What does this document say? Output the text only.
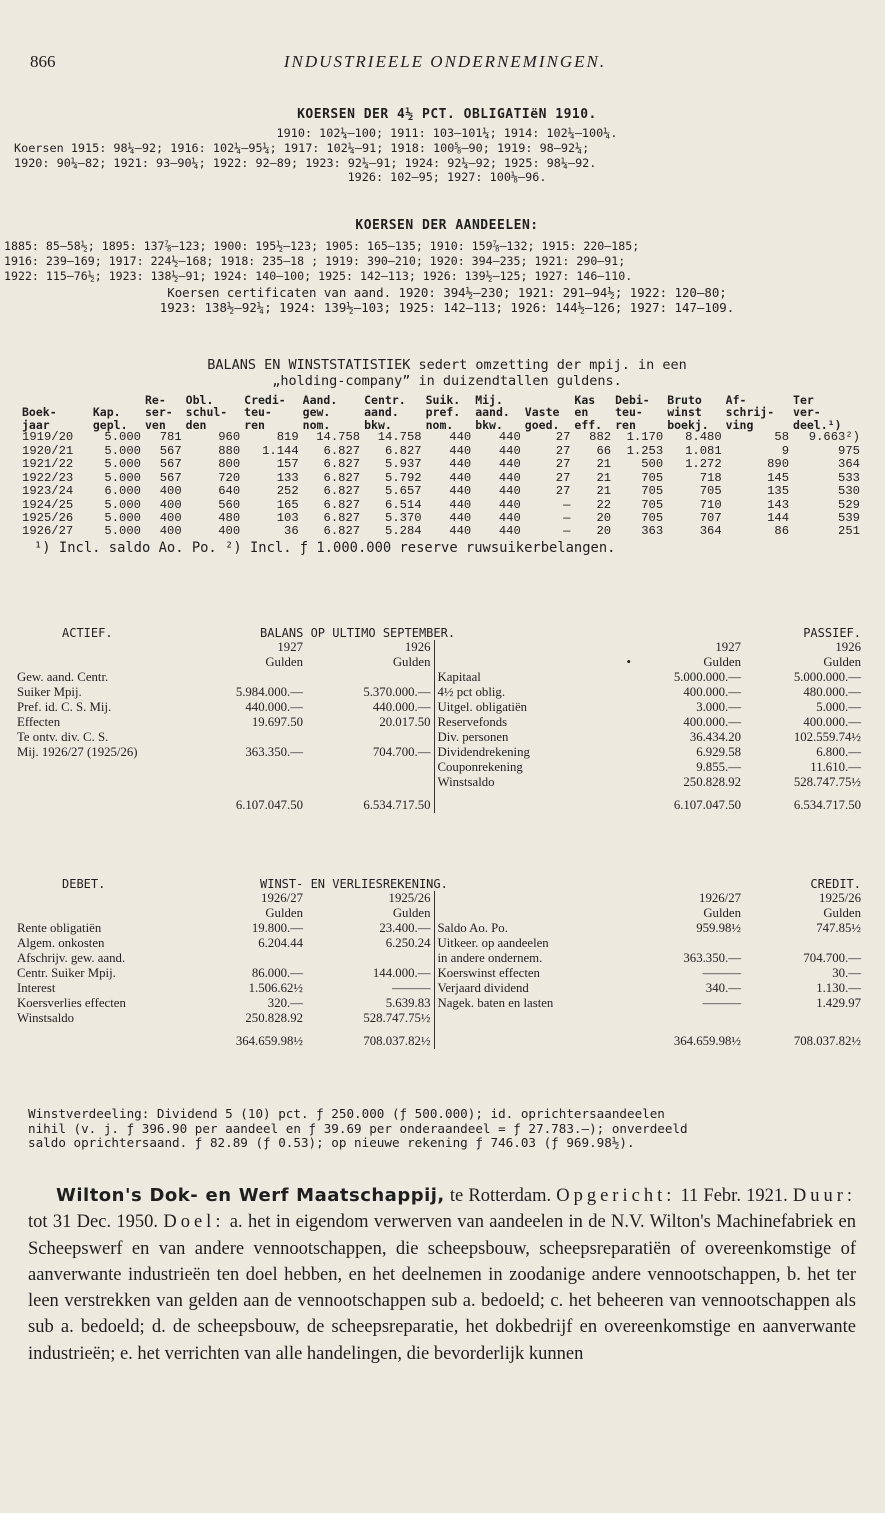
866	INDUSTRIEELE ONDERNEMINGEN.
KOERSEN DER 4½ PCT. OBLIGATIëN 1910.
1910: 102¼—100; 1911: 103—101¼; 1914: 102¼—100¼.
Koersen 1915: 98¼—92; 1916: 102¼—95¼; 1917: 102¼—91; 1918: 100⅝—90; 1919: 98—92¼;
1920: 90¼—82; 1921: 93—90¼; 1922: 92—89; 1923: 92¼—91; 1924: 92¼—92; 1925: 98¼—92.
1926: 102—95; 1927: 100⅛—96.
KOERSEN DER AANDEELEN:
1885: 85—58½; 1895: 137⅞—123; 1900: 195½—123; 1905: 165—135; 1910: 159⅞—132; 1915: 220—185;
1916: 239—169; 1917: 224½—168; 1918: 235—18 ; 1919: 390—210; 1920: 394—235; 1921: 290—91;
1922: 115—76½; 1923: 138½—91; 1924: 140—100; 1925: 142—113; 1926: 139½—125; 1927: 146—110.
Koersen certificaten van aand. 1920: 394½—230; 1921: 291—94½; 1922: 120—80;
1923: 138½—92¼; 1924: 139½—103; 1925: 142—113; 1926: 144½—126; 1927: 147—109.
BALANS EN WINSTSTATISTIEK sedert omzetting der mpij. in een
„holding-company” in duizendtallen guldens.
		Re-	Obl.	Credi-	Aand.	Centr.	Suik.	Mij.		Kas	Debi-	Bruto	Af-	Ter
Boek-	Kap.	ser-	schul-	teu-	gew.	aand.	pref.	aand.	Vaste	en	teu-	winst	schrij-	ver-
jaar	gepl.	ven	den	ren	nom.	bkw.	nom.	bkw.	goed.	eff.	ren	boekj.	ving	deel.¹)
1919/20	5.000	781	960	819	14.758	14.758	440	440	27	882	1.170	8.480	58	9.663²)
1920/21	5.000	567	880	1.144	6.827	6.827	440	440	27	66	1.253	1.081	9	975
1921/22	5.000	567	800	157	6.827	5.937	440	440	27	21	500	1.272	890	364
1922/23	5.000	567	720	133	6.827	5.792	440	440	27	21	705	718	145	533
1923/24	6.000	400	640	252	6.827	5.657	440	440	27	21	705	705	135	530
1924/25	5.000	400	560	165	6.827	6.514	440	440	—	22	705	710	143	529
1925/26	5.000	400	480	103	6.827	5.370	440	440	—	20	705	707	144	539
1926/27	5.000	400	400	36	6.827	5.284	440	440	—	20	363	364	86	251
¹) Incl. saldo Ao. Po. ²) Incl. ƒ 1.000.000 reserve ruwsuikerbelangen.
ACTIEF.	BALANS OP ULTIMO SEPTEMBER.				PASSIEF.
	1927	1926		1927	1926
	Gulden	Gulden	•	Gulden	Gulden
Gew. aand. Centr.			Kapitaal	5.000.000.—	5.000.000.—
Suiker Mpij.	5.984.000.—	5.370.000.—	4½ pct oblig.	400.000.—	480.000.—
Pref. id. C. S. Mij.	440.000.—	440.000.—	Uitgel. obligatiën	3.000.—	5.000.—
Effecten	19.697.50	20.017.50	Reservefonds	400.000.—	400.000.—
Te ontv. div. C. S.			Div. personen	36.434.20	102.559.74½
Mij. 1926/27 (1925/26)	363.350.—	704.700.—	Dividendrekening	6.929.58	6.800.—
			Couponrekening	9.855.—	11.610.—
			Winstsaldo	250.828.92	528.747.75½
	6.107.047.50	6.534.717.50		6.107.047.50	6.534.717.50
DEBET.	WINST- EN VERLIESREKENING.				CREDIT.
	1926/27	1925/26		1926/27	1925/26
	Gulden	Gulden		Gulden	Gulden
Rente obligatiën	19.800.—	23.400.—	Saldo Ao. Po.	959.98½	747.85½
Algem. onkosten	6.204.44	6.250.24	Uitkeer. op aandeelen		
Afschrijv. gew. aand.			in andere ondernem.	363.350.—	704.700.—
Centr. Suiker Mpij.	86.000.—	144.000.—	Koerswinst effecten	———	30.—
Interest	1.506.62½	———	Verjaard dividend	340.—	1.130.—
Koersverlies effecten	320.—	5.639.83	Nagek. baten en lasten	———	1.429.97
Winstsaldo	250.828.92	528.747.75½			
	364.659.98½	708.037.82½		364.659.98½	708.037.82½
Winstverdeeling: Dividend 5 (10) pct. ƒ 250.000 (ƒ 500.000); id. oprichtersaandeelen
nihil (v. j. ƒ 396.90 per aandeel en ƒ 39.69 per onderaandeel = ƒ 27.783.—); onverdeeld
saldo oprichtersaand. ƒ 82.89 (ƒ 0.53); op nieuwe rekening ƒ 746.03 (ƒ 969.98½).
Wilton's Dok- en Werf Maatschappij, te Rotterdam. Opgericht: 11 Febr. 1921. Duur: tot 31 Dec. 1950. Doel: a. het in eigendom verwerven van aandeelen in de N.V. Wilton's Machinefabriek en Scheepswerf en van andere vennootschappen, die scheepsbouw, scheepsreparatiën of overeenkomstige of aanverwante industrieën ten doel hebben, en het deelnemen in zoodanige andere vennootschappen, b. het ter leen verstrekken van gelden aan de vennootschappen sub a. bedoeld; c. het beheeren van vennootschappen als sub a. bedoeld; d. de scheepsbouw, de scheepsreparatie, het dokbedrijf en overeenkomstige en aanverwante industrieën; e. het verrichten van alle handelingen, die bevorderlijk kunnen
